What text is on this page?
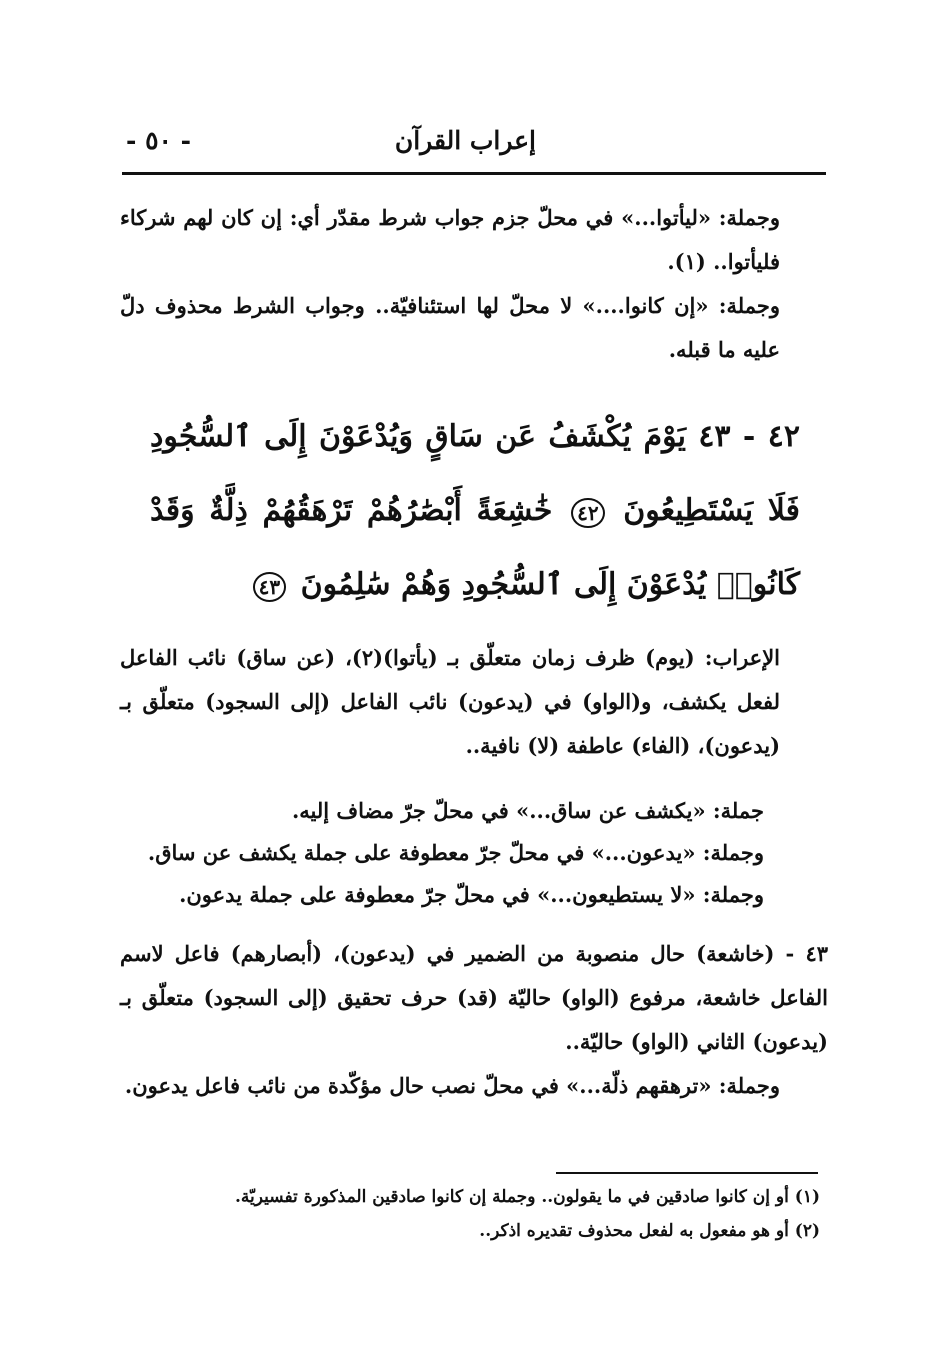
إعراب القرآن
- ٥٠ -

وجملة: «ليأتوا...» في محلّ جزم جواب شرط مقدّر أي: إن كان لهم شركاء فليأتوا.. (١).

وجملة: «إن كانوا....» لا محلّ لها استئنافيّة.. وجواب الشرط محذوف دلّ عليه ما قبله.

٤٢ - ٤٣ يَوْمَ يُكْشَفُ عَن سَاقٍ وَيُدْعَوْنَ إِلَى ٱلسُّجُودِ فَلَا يَسْتَطِيعُونَ ٤٢ خَٰشِعَةً أَبْصَٰرُهُمْ تَرْهَقُهُمْ ذِلَّةٌ وَقَدْ كَانُوا۟ يُدْعَوْنَ إِلَى ٱلسُّجُودِ وَهُمْ سَٰلِمُونَ ٤٣

الإعراب: (يوم) ظرف زمان متعلّق بـ (يأتوا)(٢)، (عن ساق) نائب الفاعل لفعل يكشف، و(الواو) في (يدعون) نائب الفاعل (إلى السجود) متعلّق بـ (يدعون)، (الفاء) عاطفة (لا) نافية..

جملة: «يكشف عن ساق...» في محلّ جرّ مضاف إليه.
وجملة: «يدعون...» في محلّ جرّ معطوفة على جملة يكشف عن ساق.
وجملة: «لا يستطيعون...» في محلّ جرّ معطوفة على جملة يدعون.

٤٣ - (خاشعة) حال منصوبة من الضمير في (يدعون)، (أبصارهم) فاعل لاسم الفاعل خاشعة، مرفوع (الواو) حاليّة (قد) حرف تحقيق (إلى السجود) متعلّق بـ (يدعون) الثاني (الواو) حاليّة..

وجملة: «ترهقهم ذلّة...» في محلّ نصب حال مؤكّدة من نائب فاعل يدعون.

(١) أو إن كانوا صادقين في ما يقولون.. وجملة إن كانوا صادقين المذكورة تفسيريّة.

(٢) أو هو مفعول به لفعل محذوف تقديره اذكر..
